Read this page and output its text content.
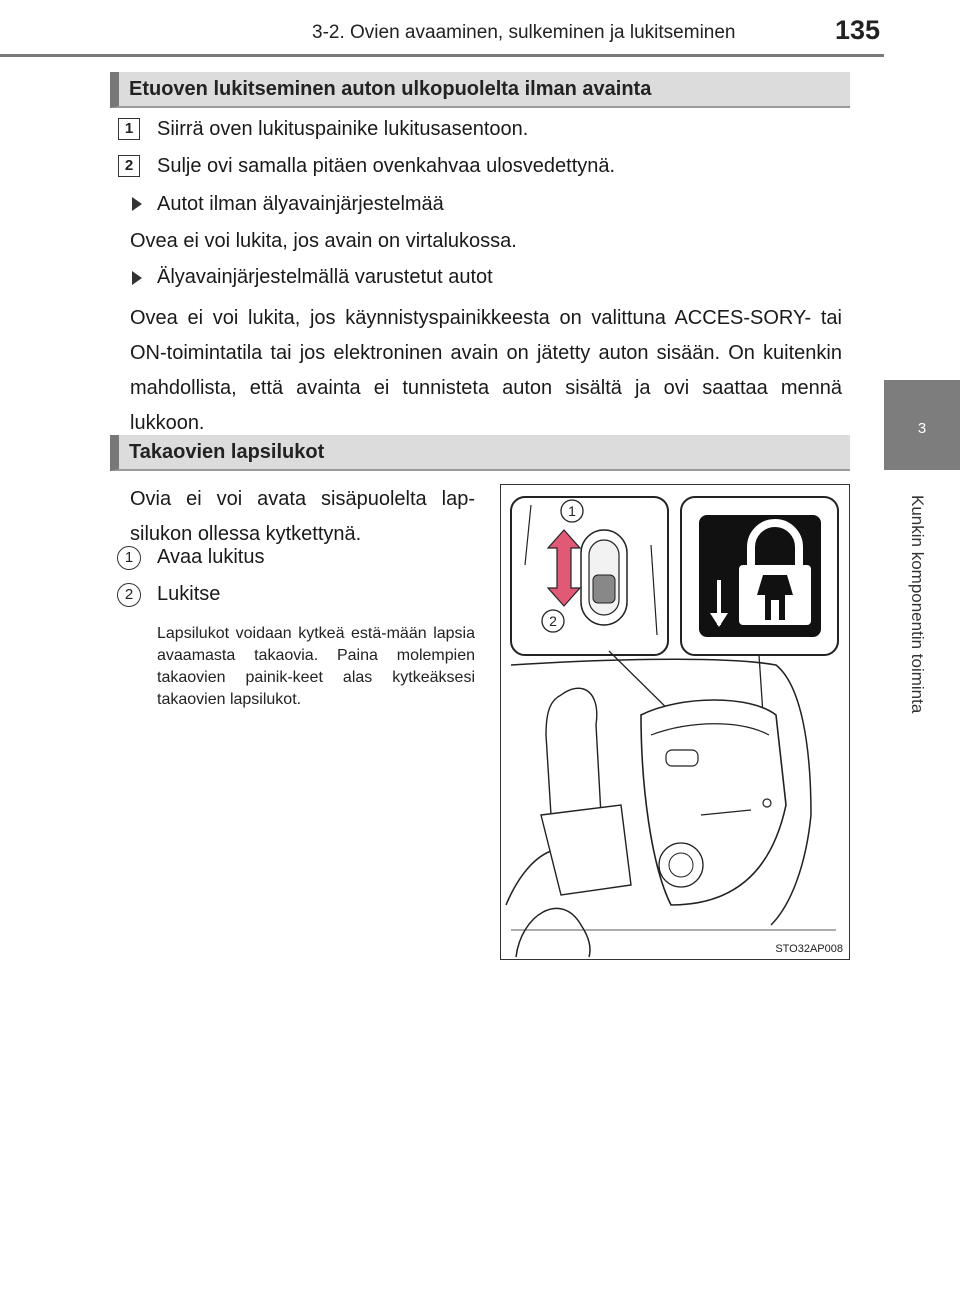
3-2. Ovien avaaminen, sulkeminen ja lukitseminen	135
3
Kunkin komponentin toiminta
Etuoven lukitseminen auton ulkopuolelta ilman avainta
1	Siirrä oven lukituspainike lukitusasentoon.
2	Sulje ovi samalla pitäen ovenkahvaa ulosvedettynä.
Autot ilman älyavainjärjestelmää
Ovea ei voi lukita, jos avain on virtalukossa.
Älyavainjärjestelmällä varustetut autot
Ovea ei voi lukita, jos käynnistyspainikkeesta on valittuna ACCES-SORY- tai ON-toimintatila tai jos elektroninen avain on jätetty auton sisään. On kuitenkin mahdollista, että avainta ei tunnisteta auton sisältä ja ovi saattaa mennä lukkoon.
Takaovien lapsilukot
Ovia ei voi avata sisäpuolelta lap-silukon ollessa kytkettynä.
1	Avaa lukitus
2	Lukitse
Lapsilukot voidaan kytkeä estä-mään lapsia avaamasta takaovia. Paina molempien takaovien painik-keet alas kytkeäksesi takaovien lapsilukot.
1
2
STO32AP008
